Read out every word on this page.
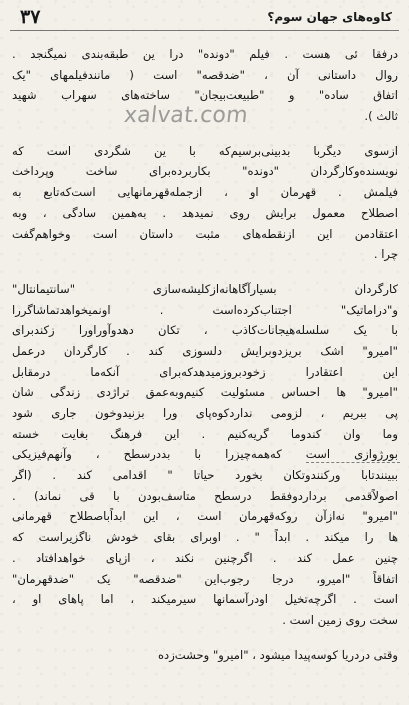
۳۷	کاوه‌های جهان سوم؟
xalvat.com
درفقا ئی هست . فیلم "دونده" درا ین طبقه‌بندی نمیگنجد .
روال داستانی آن ، "ضدقصه" است ( مانند‌فیلمهای "یک
اتفاق ساده" و "طبیعت‌بیجان" ساخته‌های سهراب شهید
ثالث ).
ازسوی دیگربا بدبینی‌برسیم‌که با ین شگردی است که
نویسنده‌وکارگردان "دونده" بکاربرده‌برای ساخت وپرداخت
فیلمش . قهرمان او ، ازجمله‌قهرمانهایی است‌که‌تابع به
اصطلاح معمول برایش روی نمیدهد . به‌همین سادگی ، وبه
اعتقادمن این ازنقطه‌های مثبت داستان است وخواهم‌گفت
چرا .
کارگردان بسیارآگاهانه‌ازکلیشه‌سازی "سانتیمانتال"
و"دراماتیک" اجتناب‌کرده‌است . اونمیخواهدتماشاگررا
با یک سلسله‌هیجانات‌کاذب ، تکان دهدوآوراورا زکندبرای
"امیرو" اشک بریزدوبرایش دلسوزی کند . کارگردان درعمل
این اعتقادرا زخودبروزمیدهدکه‌برای آنکه‌ما درمقابل
"امیرو" ها احساس مسئولیت کنیم‌وبه‌عمق تراژدی زندگی شان
پی ببریم ، لزومی ندارد‌کوه‌پای ورا بزنیدوخون جاری شود
وما وان کند‌وما گریه‌کنیم . این فرهنگ بغایت خسته
بورژوازی است که‌همه‌چیزرا با بددرسطح ، وآنهم‌فیزیکی
ببینند‌تابا ورکنندوتکان بخورد حیاتا " اقدامی کند . (اگر
اصولاً‌قدمی بردارد‌وفقط درسطح متاسف‌بودن با قی نماند) .
"امیرو" نه‌ازآن روکه‌قهرمان است ، این ابداًباصطلاح قهرمانی
ها را میکند . ابداً " . اوبرای بقای خودش ناگزیراست که
چنین عمل کند . اگرچنین نکند ، ازپای خواهد‌افتاد .
اتفاقاً "امیرو، درجا رجوب‌این "ضدقصه" یک "ضدقهرمان"
است . اگرچه‌تخیل اودرآسمانها سیرمیکند ، اما پاهای او ،
سخت روی زمین است .
وقتی دردریا کوسه‌پیدا میشود ، "امیرو" وحشت‌زده
